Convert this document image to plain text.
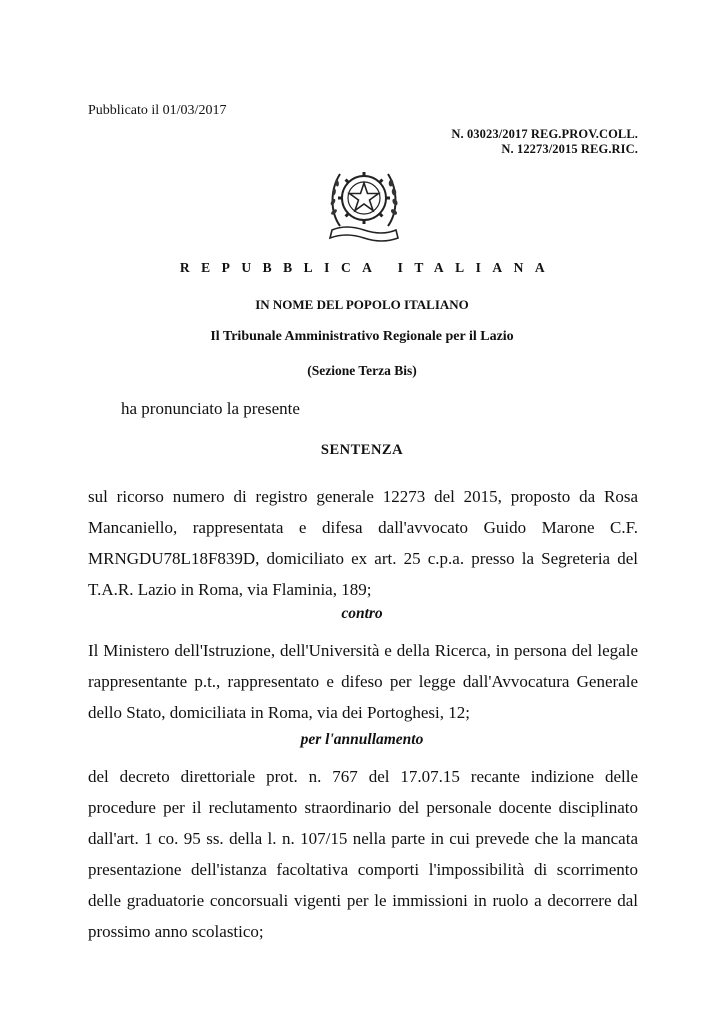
Pubblicato il 01/03/2017
N. 03023/2017 REG.PROV.COLL.
N. 12273/2015 REG.RIC.
REPUBBLICA ITALIANA
IN NOME DEL POPOLO ITALIANO
Il Tribunale Amministrativo Regionale per il Lazio
(Sezione Terza Bis)
ha pronunciato la presente
SENTENZA
sul ricorso numero di registro generale 12273 del 2015, proposto da Rosa Mancaniello, rappresentata e difesa dall'avvocato Guido Marone C.F. MRNGDU78L18F839D, domiciliato ex art. 25 c.p.a. presso la Segreteria del T.A.R. Lazio in Roma, via Flaminia, 189;
contro
Il Ministero dell'Istruzione, dell'Università e della Ricerca, in persona del legale rappresentante p.t., rappresentato e difeso per legge dall'Avvocatura Generale dello Stato, domiciliata in Roma, via dei Portoghesi, 12;
per l'annullamento
del decreto direttoriale prot. n. 767 del 17.07.15 recante indizione delle procedure per il reclutamento straordinario del personale docente disciplinato dall'art. 1 co. 95 ss. della l. n. 107/15 nella parte in cui prevede che la mancata presentazione dell'istanza facoltativa comporti l'impossibilità di scorrimento delle graduatorie concorsuali vigenti per le immissioni in ruolo a decorrere dal prossimo anno scolastico;
